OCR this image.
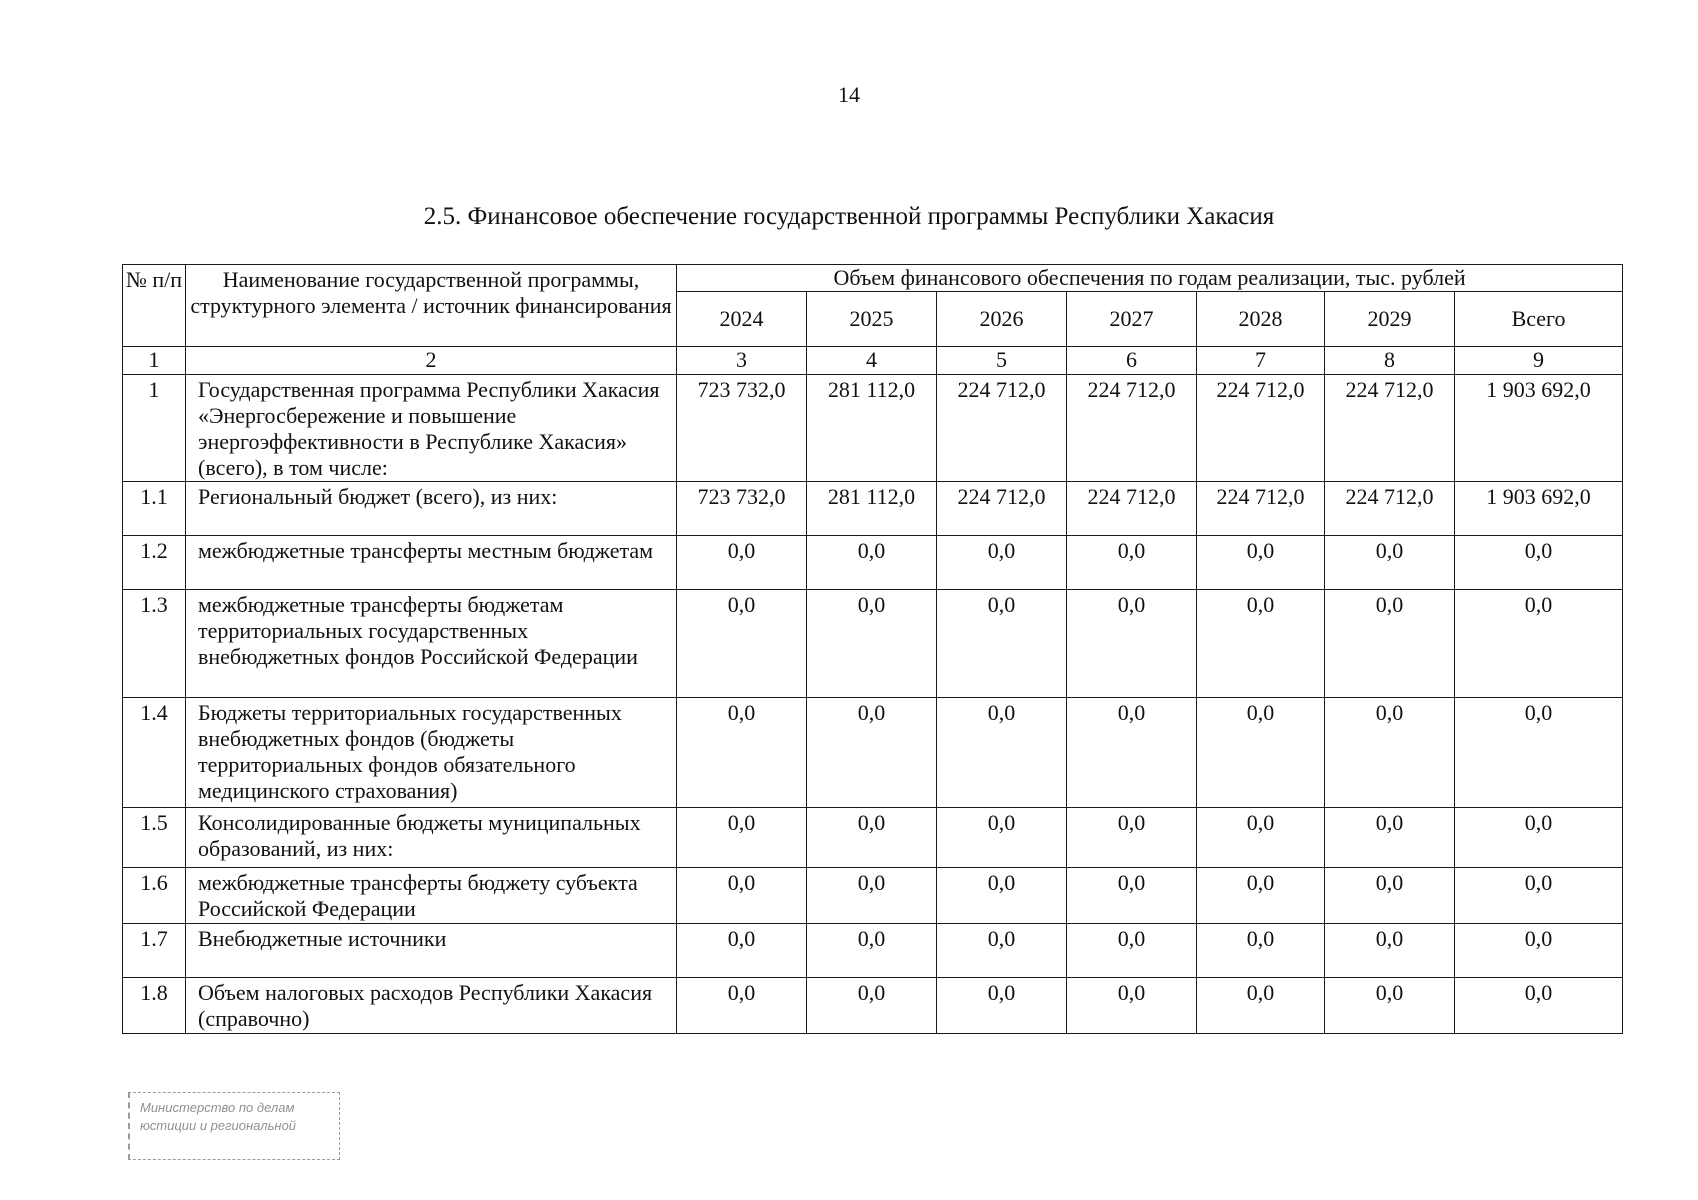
14
2.5. Финансовое обеспечение государственной программы Республики Хакасия
№ п/п	Наименование государственной программы, структурного элемента / источник финансирования	Объем финансового обеспечения по годам реализации, тыс. рублей						
		2024	2025	2026	2027	2028	2029	Всего
1	2	3	4	5	6	7	8	9
1	Государственная программа Республики Хакасия «Энергосбережение и повышение энергоэффективности в Республике Хакасия» (всего), в том числе:	723 732,0	281 112,0	224 712,0	224 712,0	224 712,0	224 712,0	1 903 692,0
1.1	Региональный бюджет (всего), из них:	723 732,0	281 112,0	224 712,0	224 712,0	224 712,0	224 712,0	1 903 692,0
1.2	межбюджетные трансферты местным бюджетам	0,0	0,0	0,0	0,0	0,0	0,0	0,0
1.3	межбюджетные трансферты бюджетам территориальных государственных внебюджетных фондов Российской Федерации	0,0	0,0	0,0	0,0	0,0	0,0	0,0
1.4	Бюджеты территориальных государственных внебюджетных фондов (бюджеты территориальных фондов обязательного медицинского страхования)	0,0	0,0	0,0	0,0	0,0	0,0	0,0
1.5	Консолидированные бюджеты муниципальных образований, из них:	0,0	0,0	0,0	0,0	0,0	0,0	0,0
1.6	межбюджетные трансферты бюджету субъекта Российской Федерации	0,0	0,0	0,0	0,0	0,0	0,0	0,0
1.7	Внебюджетные источники	0,0	0,0	0,0	0,0	0,0	0,0	0,0
1.8	Объем налоговых расходов Республики Хакасия (справочно)	0,0	0,0	0,0	0,0	0,0	0,0	0,0
Министерство по делам
юстиции и региональной
